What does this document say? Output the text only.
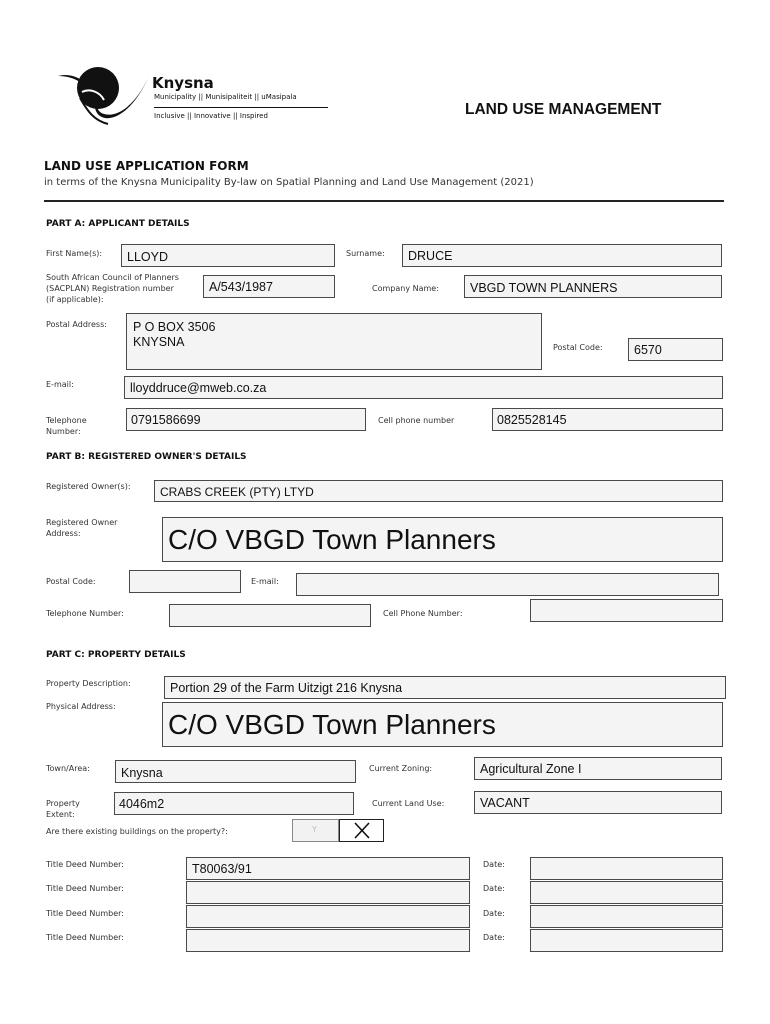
Knysna
Municipality || Munisipaliteit || uMasipala
Inclusive || Innovative || Inspired	LAND USE MANAGEMENT
LAND USE APPLICATION FORM
in terms of the Knysna Municipality By-law on Spatial Planning and Land Use Management (2021)
PART A: APPLICANT DETAILS
First Name(s): LLOYD	Surname: DRUCE
South African Council of Planners
(SACPLAN) Registration number
(if applicable):
A/543/1987	Company Name: VBGD TOWN PLANNERS
Postal Address: P O BOX 3506
KNYSNA	Postal Code:	6570
E-mail:	lloyddruce@mweb.co.za
Telephone
Number:
0791586699	Cell phone number	0825528145
PART B: REGISTERED OWNER'S DETAILS
Registered Owner(s): CRABS CREEK (PTY) LTYD
Registered Owner
Address:	C/O VBGD Town Planners
Postal Code:	E-mail:
Telephone Number:	Cell Phone Number:
PART C: PROPERTY DETAILS
Property Description:	Portion 29 of the Farm Uitzigt 216 Knysna
Physical Address:
C/O VBGD Town Planners
Town/Area: Knysna	Current Zoning:	Agricultural Zone I
Property
Extent:
4046m2	Current Land Use:	VACANT
Are there existing buildings on the property?:	Y
Title Deed Number:	T80063/91	Date:
Title Deed Number:	Date:
Title Deed Number:	Date:
Title Deed Number:	Date:
